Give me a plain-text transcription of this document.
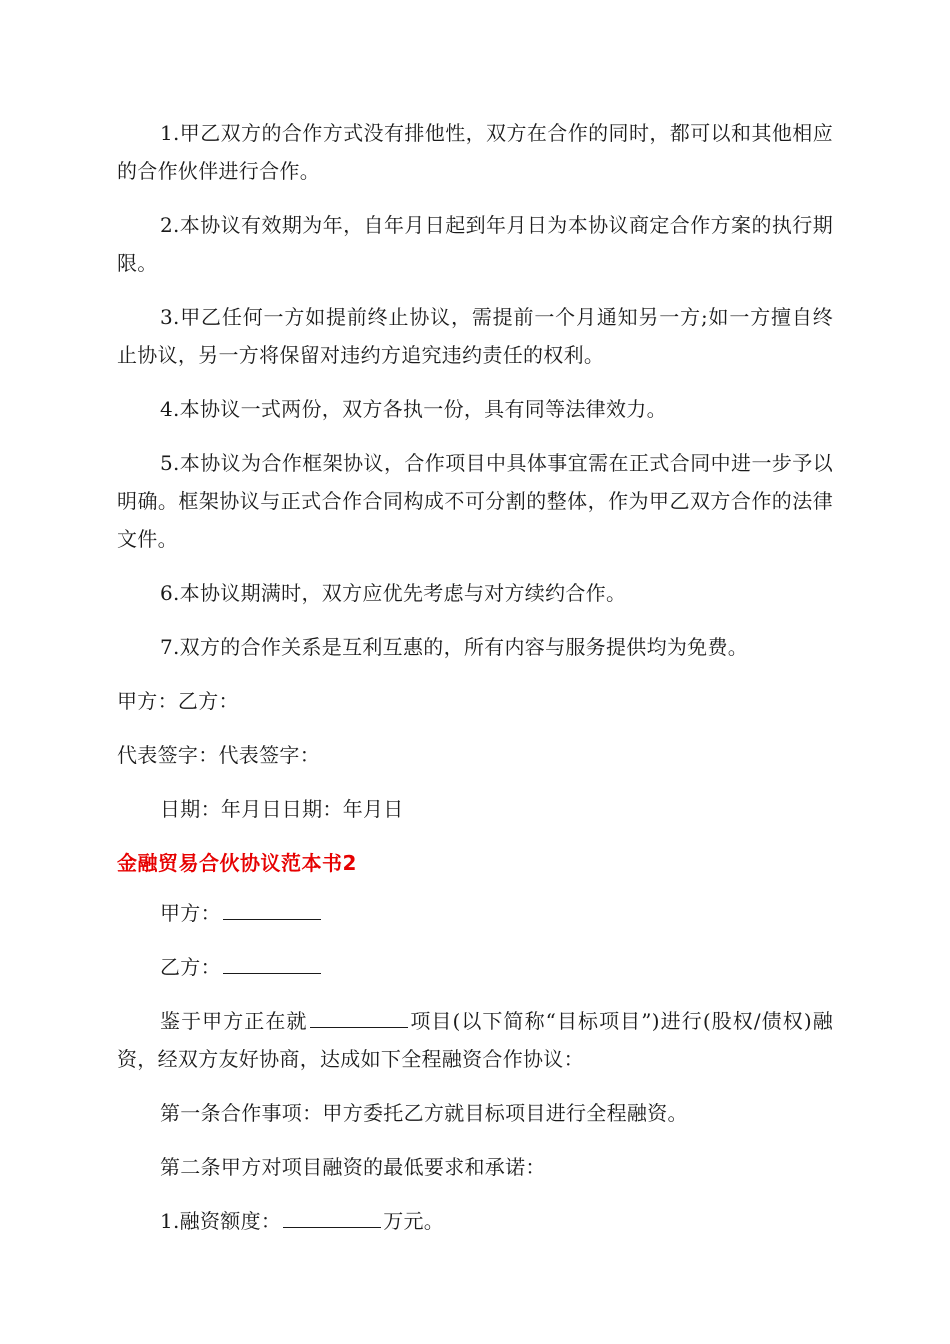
1.甲乙双方的合作方式没有排他性，双方在合作的同时，都可以和其他相应的合作伙伴进行合作。

2.本协议有效期为年，自年月日起到年月日为本协议商定合作方案的执行期限。

3.甲乙任何一方如提前终止协议，需提前一个月通知另一方;如一方擅自终止协议，另一方将保留对违约方追究违约责任的权利。

4.本协议一式两份，双方各执一份，具有同等法律效力。

5.本协议为合作框架协议，合作项目中具体事宜需在正式合同中进一步予以明确。框架协议与正式合作合同构成不可分割的整体，作为甲乙双方合作的法律文件。

6.本协议期满时，双方应优先考虑与对方续约合作。

7.双方的合作关系是互利互惠的，所有内容与服务提供均为免费。

甲方：乙方：

代表签字：代表签字：

日期：年月日日期：年月日

金融贸易合伙协议范本书2

甲方：

乙方：

鉴于甲方正在就	项目(以下简称“目标项目”)进行(股权/债权)融资，经双方友好协商，达成如下全程融资合作协议：

第一条合作事项：甲方委托乙方就目标项目进行全程融资。

第二条甲方对项目融资的最低要求和承诺：

1.融资额度：	万元。
